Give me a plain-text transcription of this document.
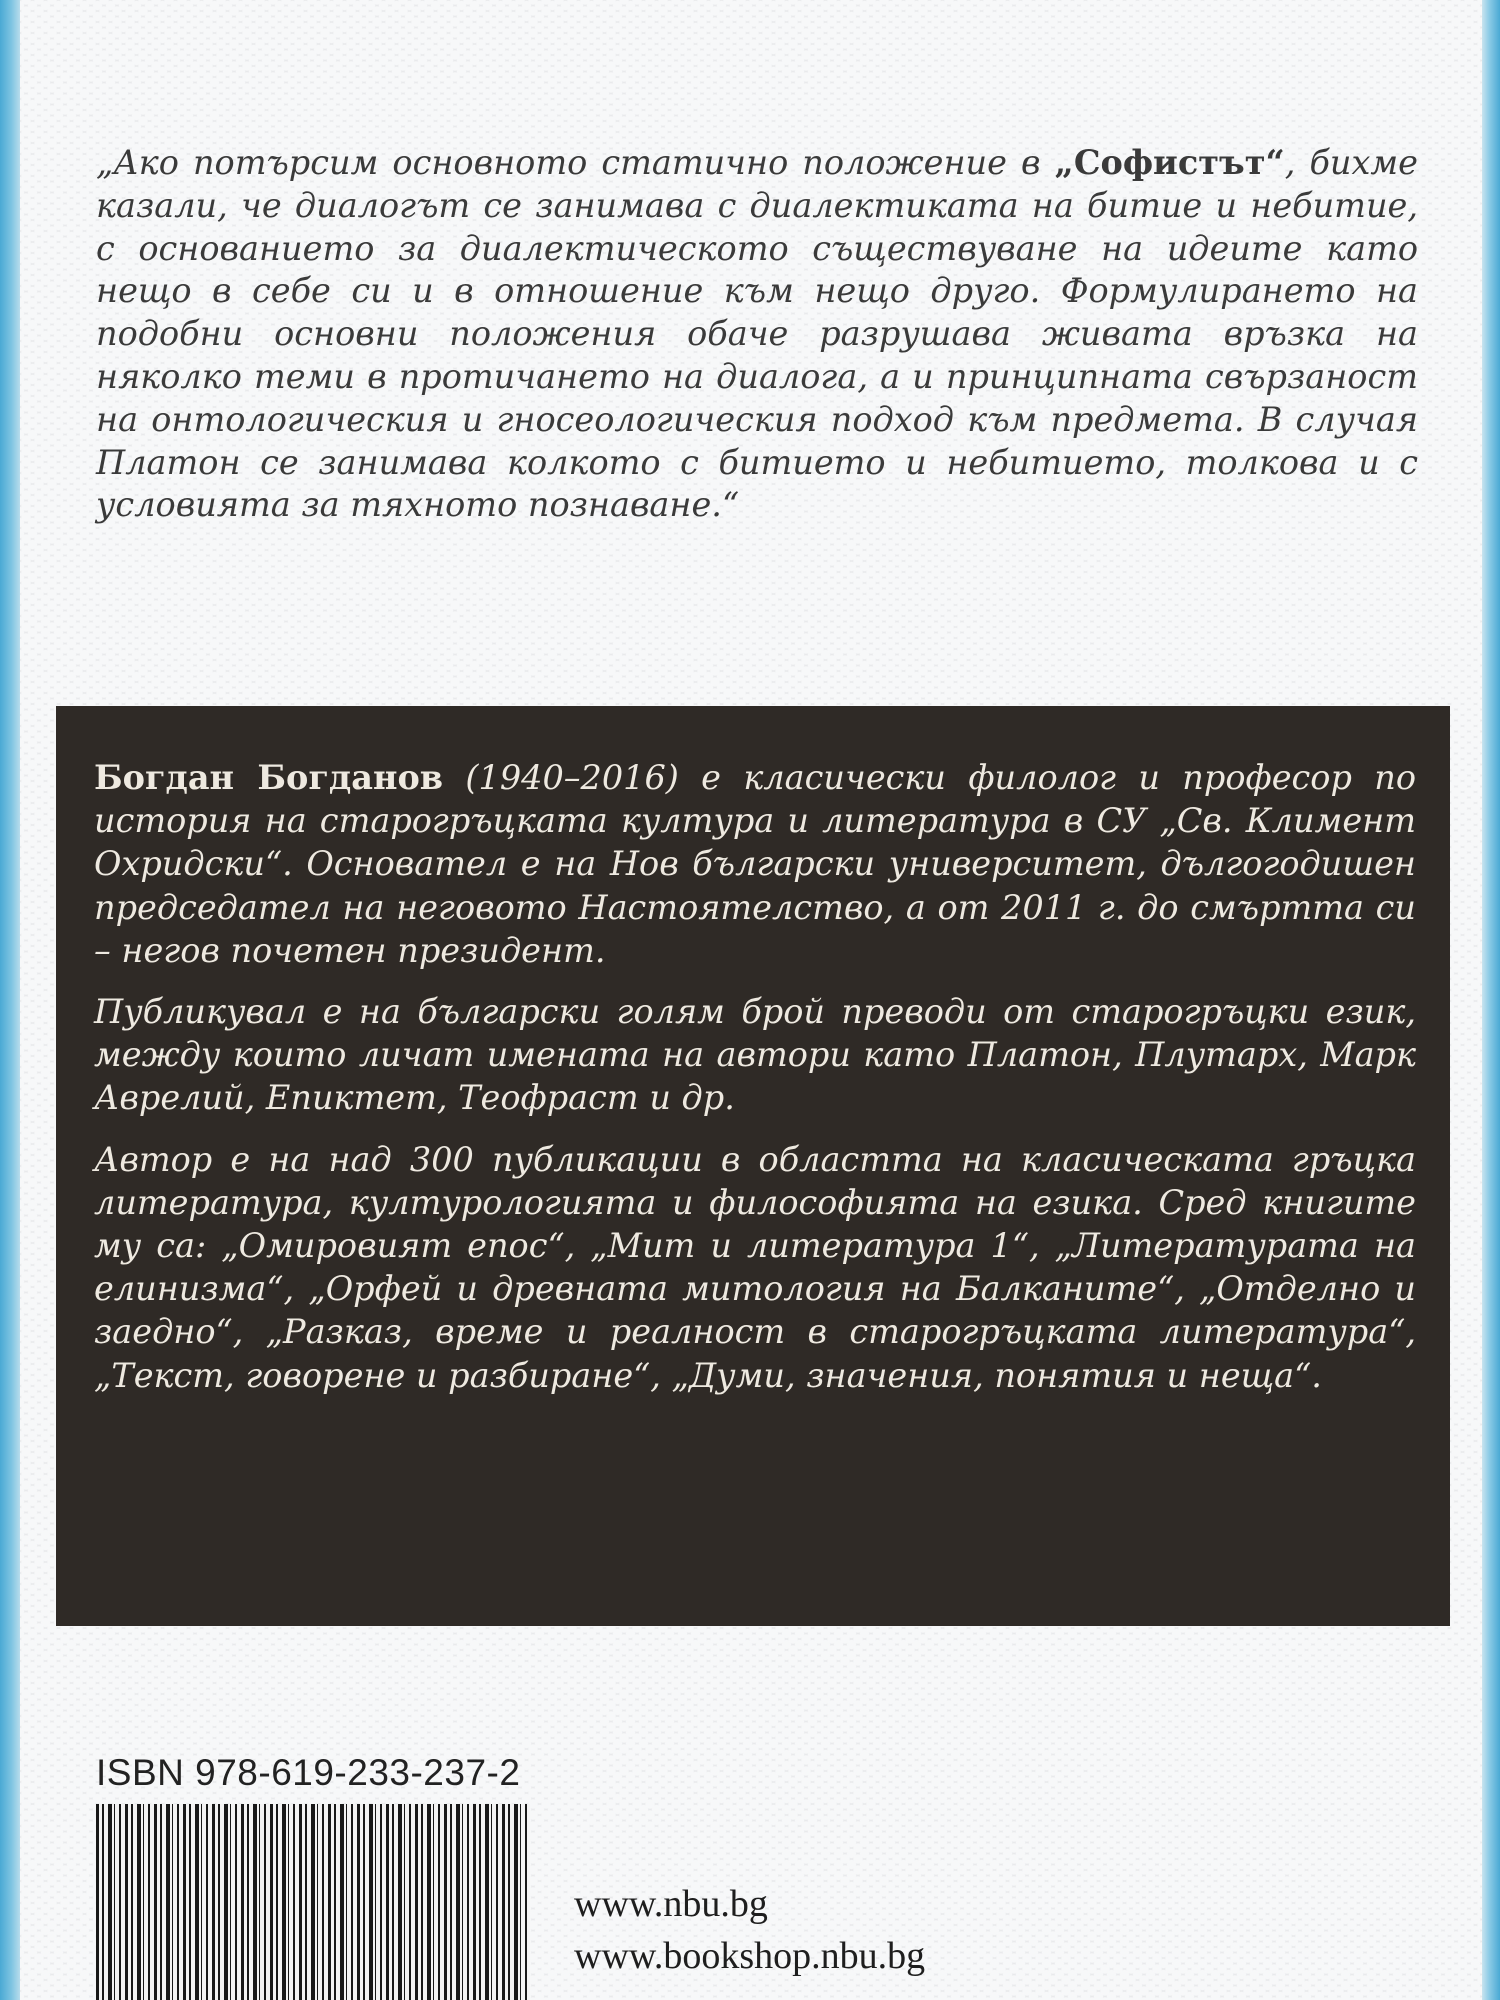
„Ако потърсим основното статично положение в „Софистът“, бихме казали, че диалогът се занимава с диалектиката на битие и небитие, с основанието за диалектическото съществуване на идеите като нещо в себе си и в отношение към нещо друго. Формулирането на подобни основни положения обаче разрушава живата връзка на няколко теми в протичането на диалога, а и принципната свързаност на онтологическия и гносеологическия подход към предмета. В случая Платон се занимава колкото с битието и небитието, толкова и с условията за тяхното познаване.“

Богдан Богданов (1940–2016) е класически филолог и професор по история на старогръцката култура и литература в СУ „Св. Климент Охридски“. Основател е на Нов български университет, дългогодишен председател на неговото Настоятелство, а от 2011 г. до смъртта си – негов почетен президент.

Публикувал е на български голям брой преводи от старогръцки език, между които личат имената на автори като Платон, Плутарх, Марк Аврелий, Епиктет, Теофраст и др.

Автор е на над 300 публикации в областта на класическата гръцка литература, културологията и философията на езика. Сред книгите му са: „Омировият епос“, „Мит и литература 1“, „Литературата на елинизма“, „Орфей и древната митология на Балканите“, „Отделно и заедно“, „Разказ, време и реалност в старогръцката литература“, „Текст, говорене и разбиране“, „Думи, значения, понятия и неща“.

ISBN 978-619-233-237-2
www.nbu.bg
www.bookshop.nbu.bg
